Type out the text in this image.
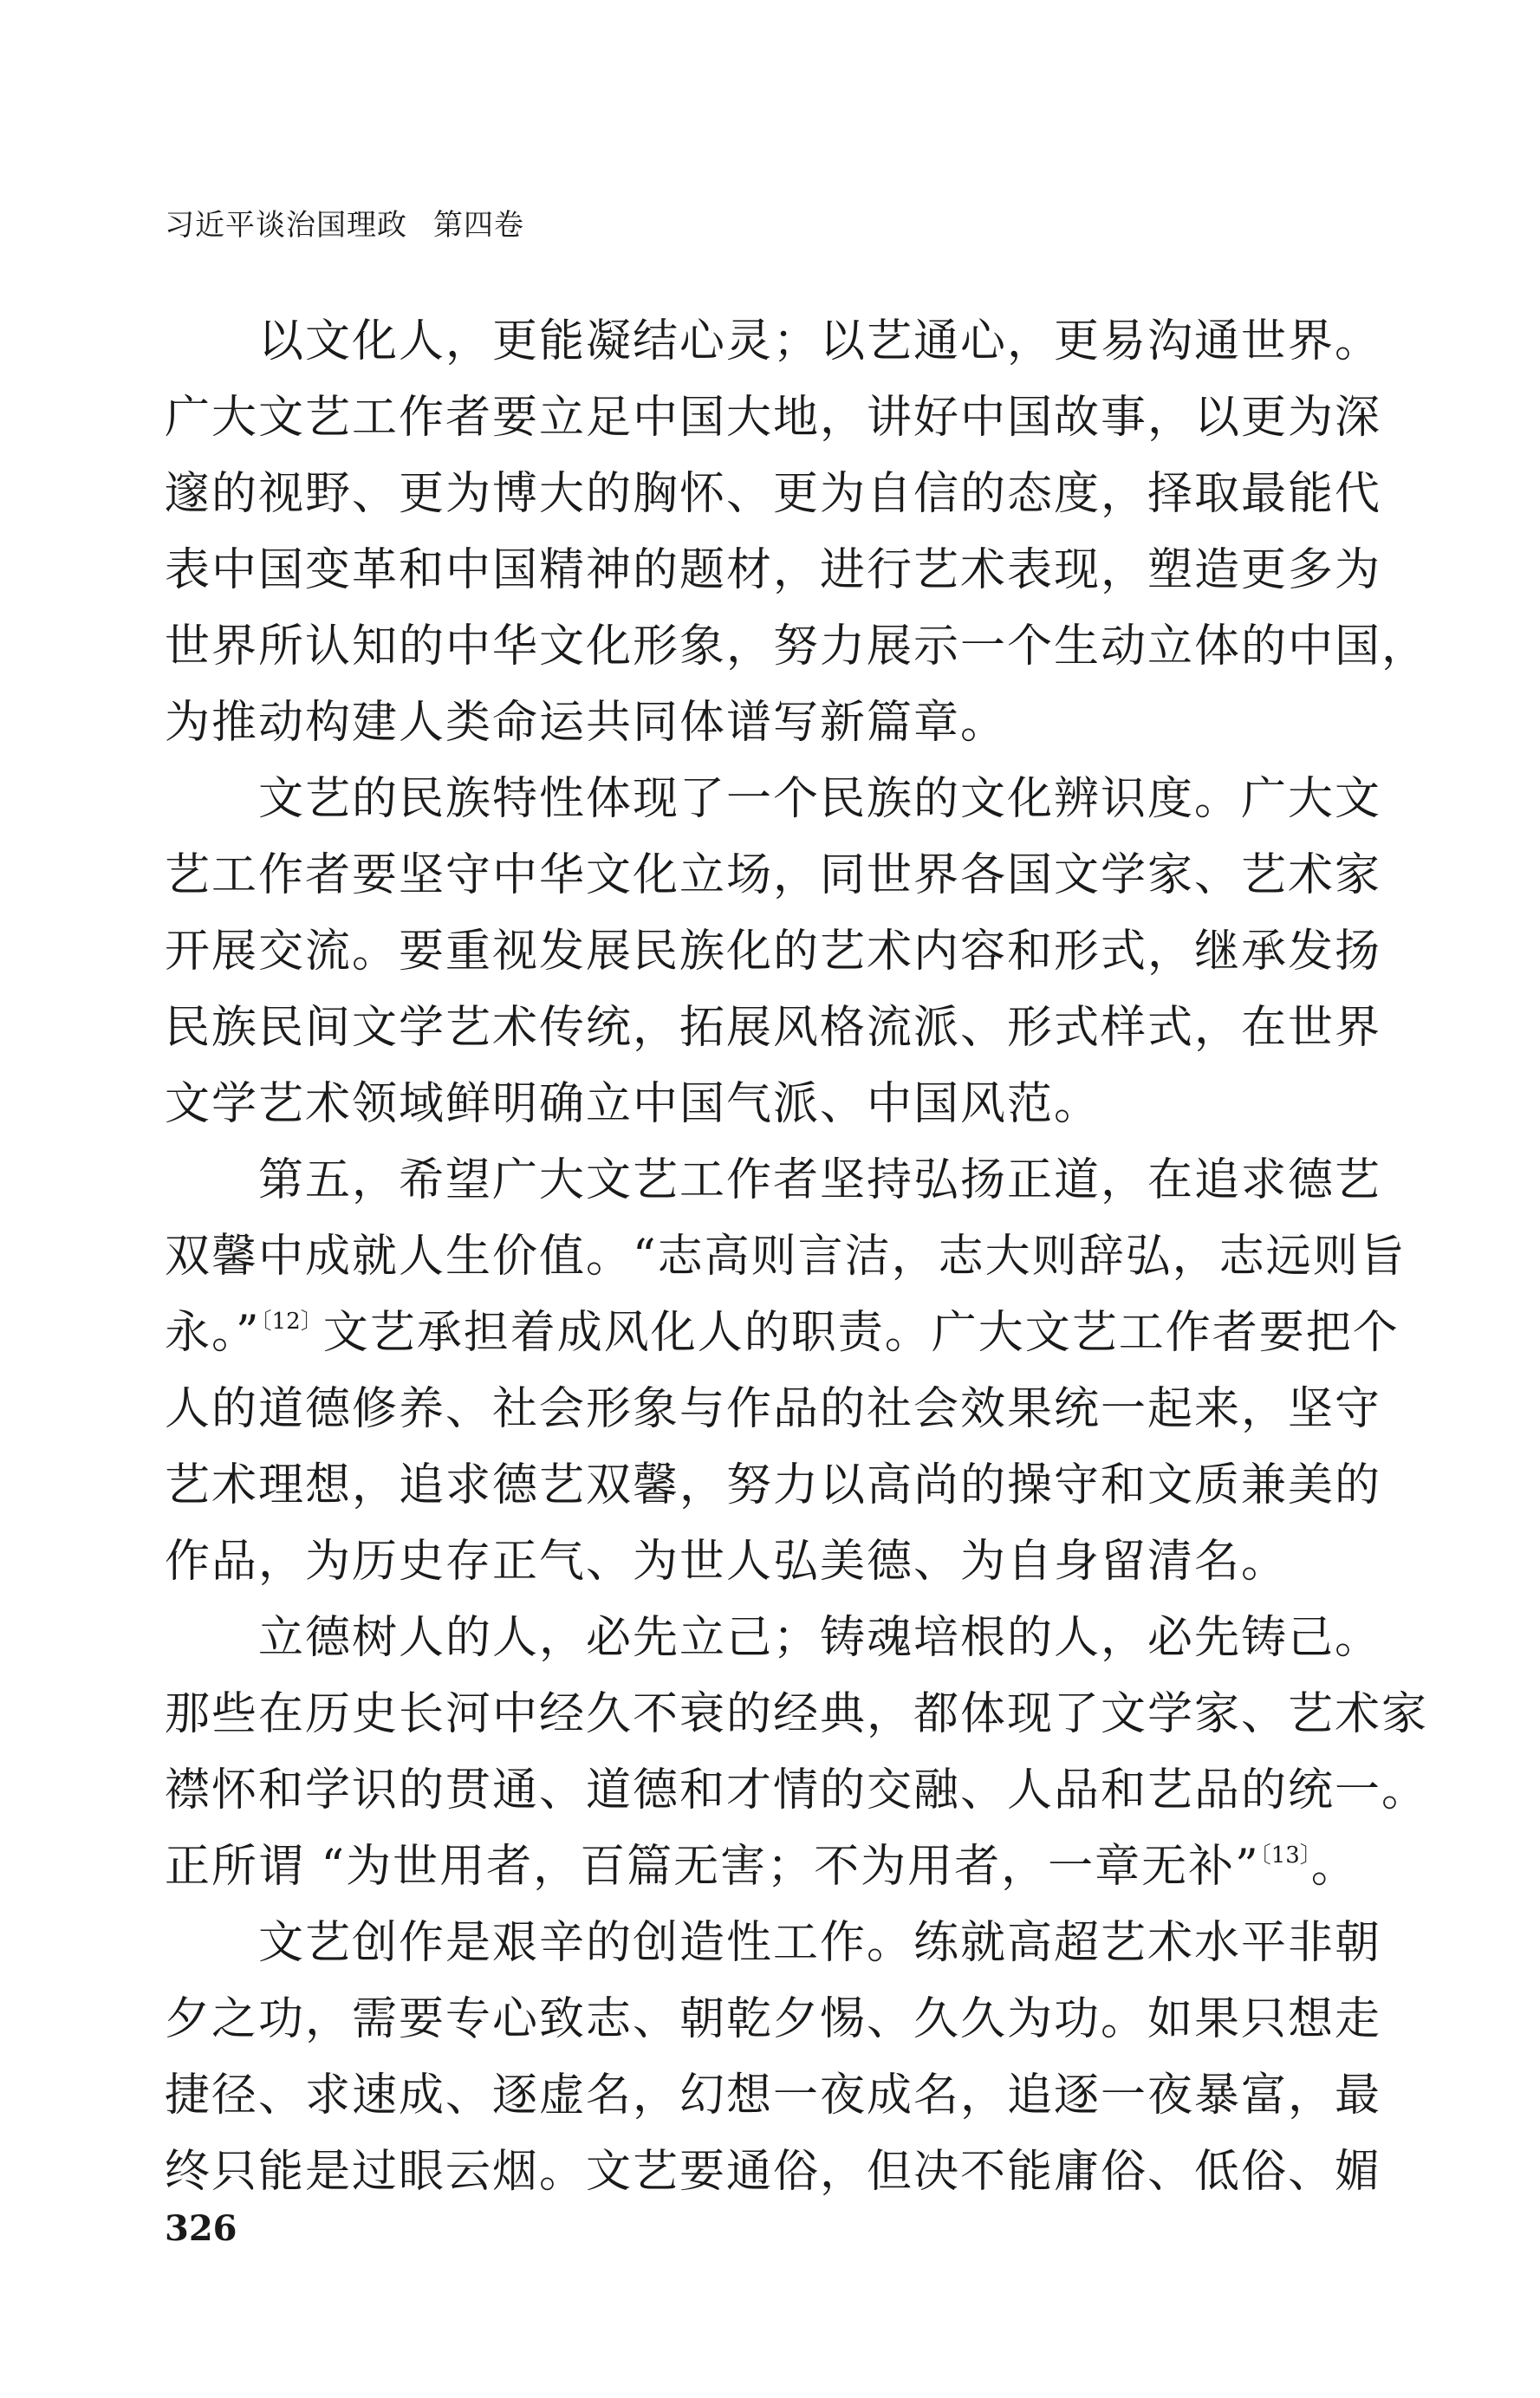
习近平谈治国理政 第四卷
以文化人，更能凝结心灵；以艺通心，更易沟通世界。
广大文艺工作者要立足中国大地，讲好中国故事，以更为深
邃的视野、更为博大的胸怀、更为自信的态度，择取最能代
表中国变革和中国精神的题材，进行艺术表现，塑造更多为
世界所认知的中华文化形象，努力展示一个生动立体的中国，
为推动构建人类命运共同体谱写新篇章。
文艺的民族特性体现了一个民族的文化辨识度。广大文
艺工作者要坚守中华文化立场，同世界各国文学家、艺术家
开展交流。要重视发展民族化的艺术内容和形式，继承发扬
民族民间文学艺术传统，拓展风格流派、形式样式，在世界
文学艺术领域鲜明确立中国气派、中国风范。
第五，希望广大文艺工作者坚持弘扬正道，在追求德艺
双馨中成就人生价值。“志高则言洁，志大则辞弘，志远则旨
永。”$^{〔12〕}$文艺承担着成风化人的职责。广大文艺工作者要把个
人的道德修养、社会形象与作品的社会效果统一起来，坚守
艺术理想，追求德艺双馨，努力以高尚的操守和文质兼美的
作品，为历史存正气、为世人弘美德、为自身留清名。
立德树人的人，必先立己；铸魂培根的人，必先铸己。
那些在历史长河中经久不衰的经典，都体现了文学家、艺术家
襟怀和学识的贯通、道德和才情的交融、人品和艺品的统一。
正所谓 “为世用者，百篇无害；不为用者，一章无补”$^{〔13〕}$。
文艺创作是艰辛的创造性工作。练就高超艺术水平非朝
夕之功，需要专心致志、朝乾夕惕、久久为功。如果只想走
捷径、求速成、逐虚名，幻想一夜成名，追逐一夜暴富，最
终只能是过眼云烟。文艺要通俗，但决不能庸俗、低俗、媚
326
